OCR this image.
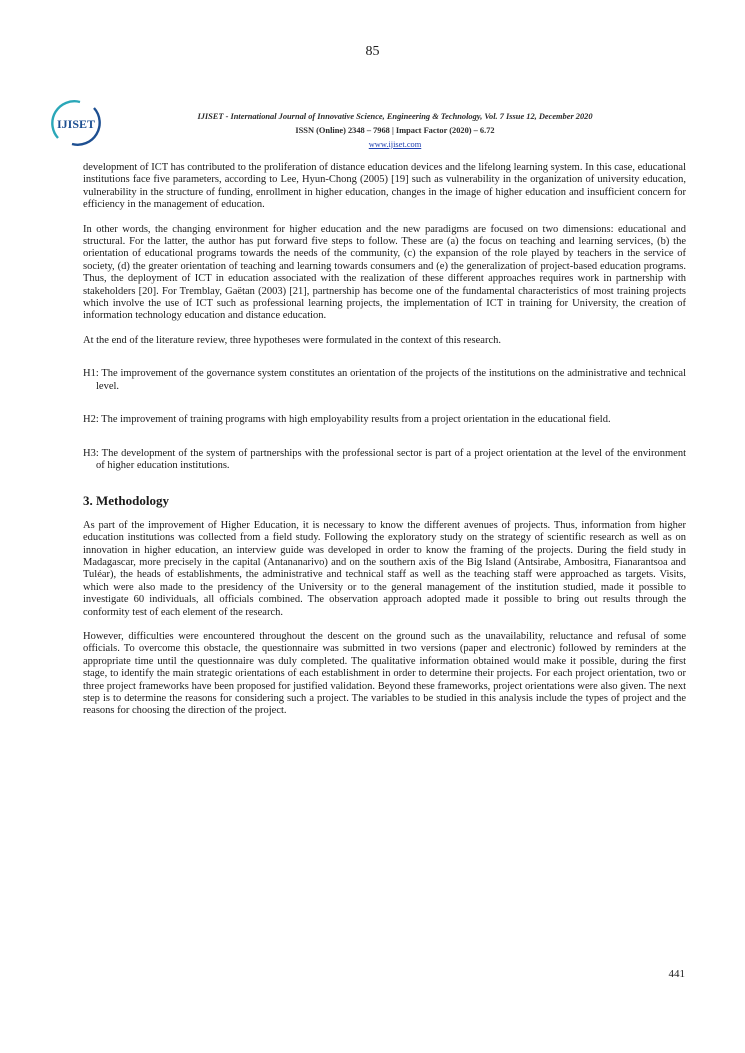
85
IJISET
IJISET - International Journal of Innovative Science, Engineering & Technology, Vol. 7 Issue 12, December 2020
ISSN (Online) 2348 – 7968 | Impact Factor (2020) – 6.72
www.ijiset.com

development of ICT has contributed to the proliferation of distance education devices and the lifelong learning system. In this case, educational institutions face five parameters, according to Lee, Hyun-Chong (2005) [19] such as vulnerability in the organization of university education, vulnerability in the structure of funding, enrollment in higher education, changes in the image of higher education and insufficient concern for efficiency in the management of education.

In other words, the changing environment for higher education and the new paradigms are focused on two dimensions: educational and structural. For the latter, the author has put forward five steps to follow. These are (a) the focus on teaching and learning services, (b) the orientation of educational programs towards the needs of the community, (c) the expansion of the role played by teachers in the service of society, (d) the greater orientation of teaching and learning towards consumers and (e) the generalization of project-based education programs. Thus, the deployment of ICT in education associated with the realization of these different approaches requires work in partnership with stakeholders [20]. For Tremblay, Gaëtan (2003) [21], partnership has become one of the fundamental characteristics of most training projects which involve the use of ICT such as professional learning projects, the implementation of ICT in training for University, the creation of information technology education and distance education.

At the end of the literature review, three hypotheses were formulated in the context of this research.

H1: The improvement of the governance system constitutes an orientation of the projects of the institutions on the administrative and technical level.

H2: The improvement of training programs with high employability results from a project orientation in the educational field.

H3: The development of the system of partnerships with the professional sector is part of a project orientation at the level of the environment of higher education institutions.

3. Methodology

As part of the improvement of Higher Education, it is necessary to know the different avenues of projects. Thus, information from higher education institutions was collected from a field study. Following the exploratory study on the strategy of scientific research as well as on innovation in higher education, an interview guide was developed in order to know the framing of the projects. During the field study in Madagascar, more precisely in the capital (Antananarivo) and on the southern axis of the Big Island (Antsirabe, Ambositra, Fianarantsoa and Tuléar), the heads of establishments, the administrative and technical staff as well as the teaching staff were approached as targets. Visits, which were also made to the presidency of the University or to the general management of the institution studied, made it possible to investigate 60 individuals, all officials combined. The observation approach adopted made it possible to bring out results through the conformity test of each element of the research.

However, difficulties were encountered throughout the descent on the ground such as the unavailability, reluctance and refusal of some officials. To overcome this obstacle, the questionnaire was submitted in two versions (paper and electronic) followed by reminders at the appropriate time until the questionnaire was duly completed. The qualitative information obtained would make it possible, during the first stage, to identify the main strategic orientations of each establishment in order to determine their projects. For each project orientation, two or three project frameworks have been proposed for justified validation. Beyond these frameworks, project orientations were also given. The next step is to determine the reasons for considering such a project. The variables to be studied in this analysis include the types of project and the reasons for choosing the direction of the project.

441
